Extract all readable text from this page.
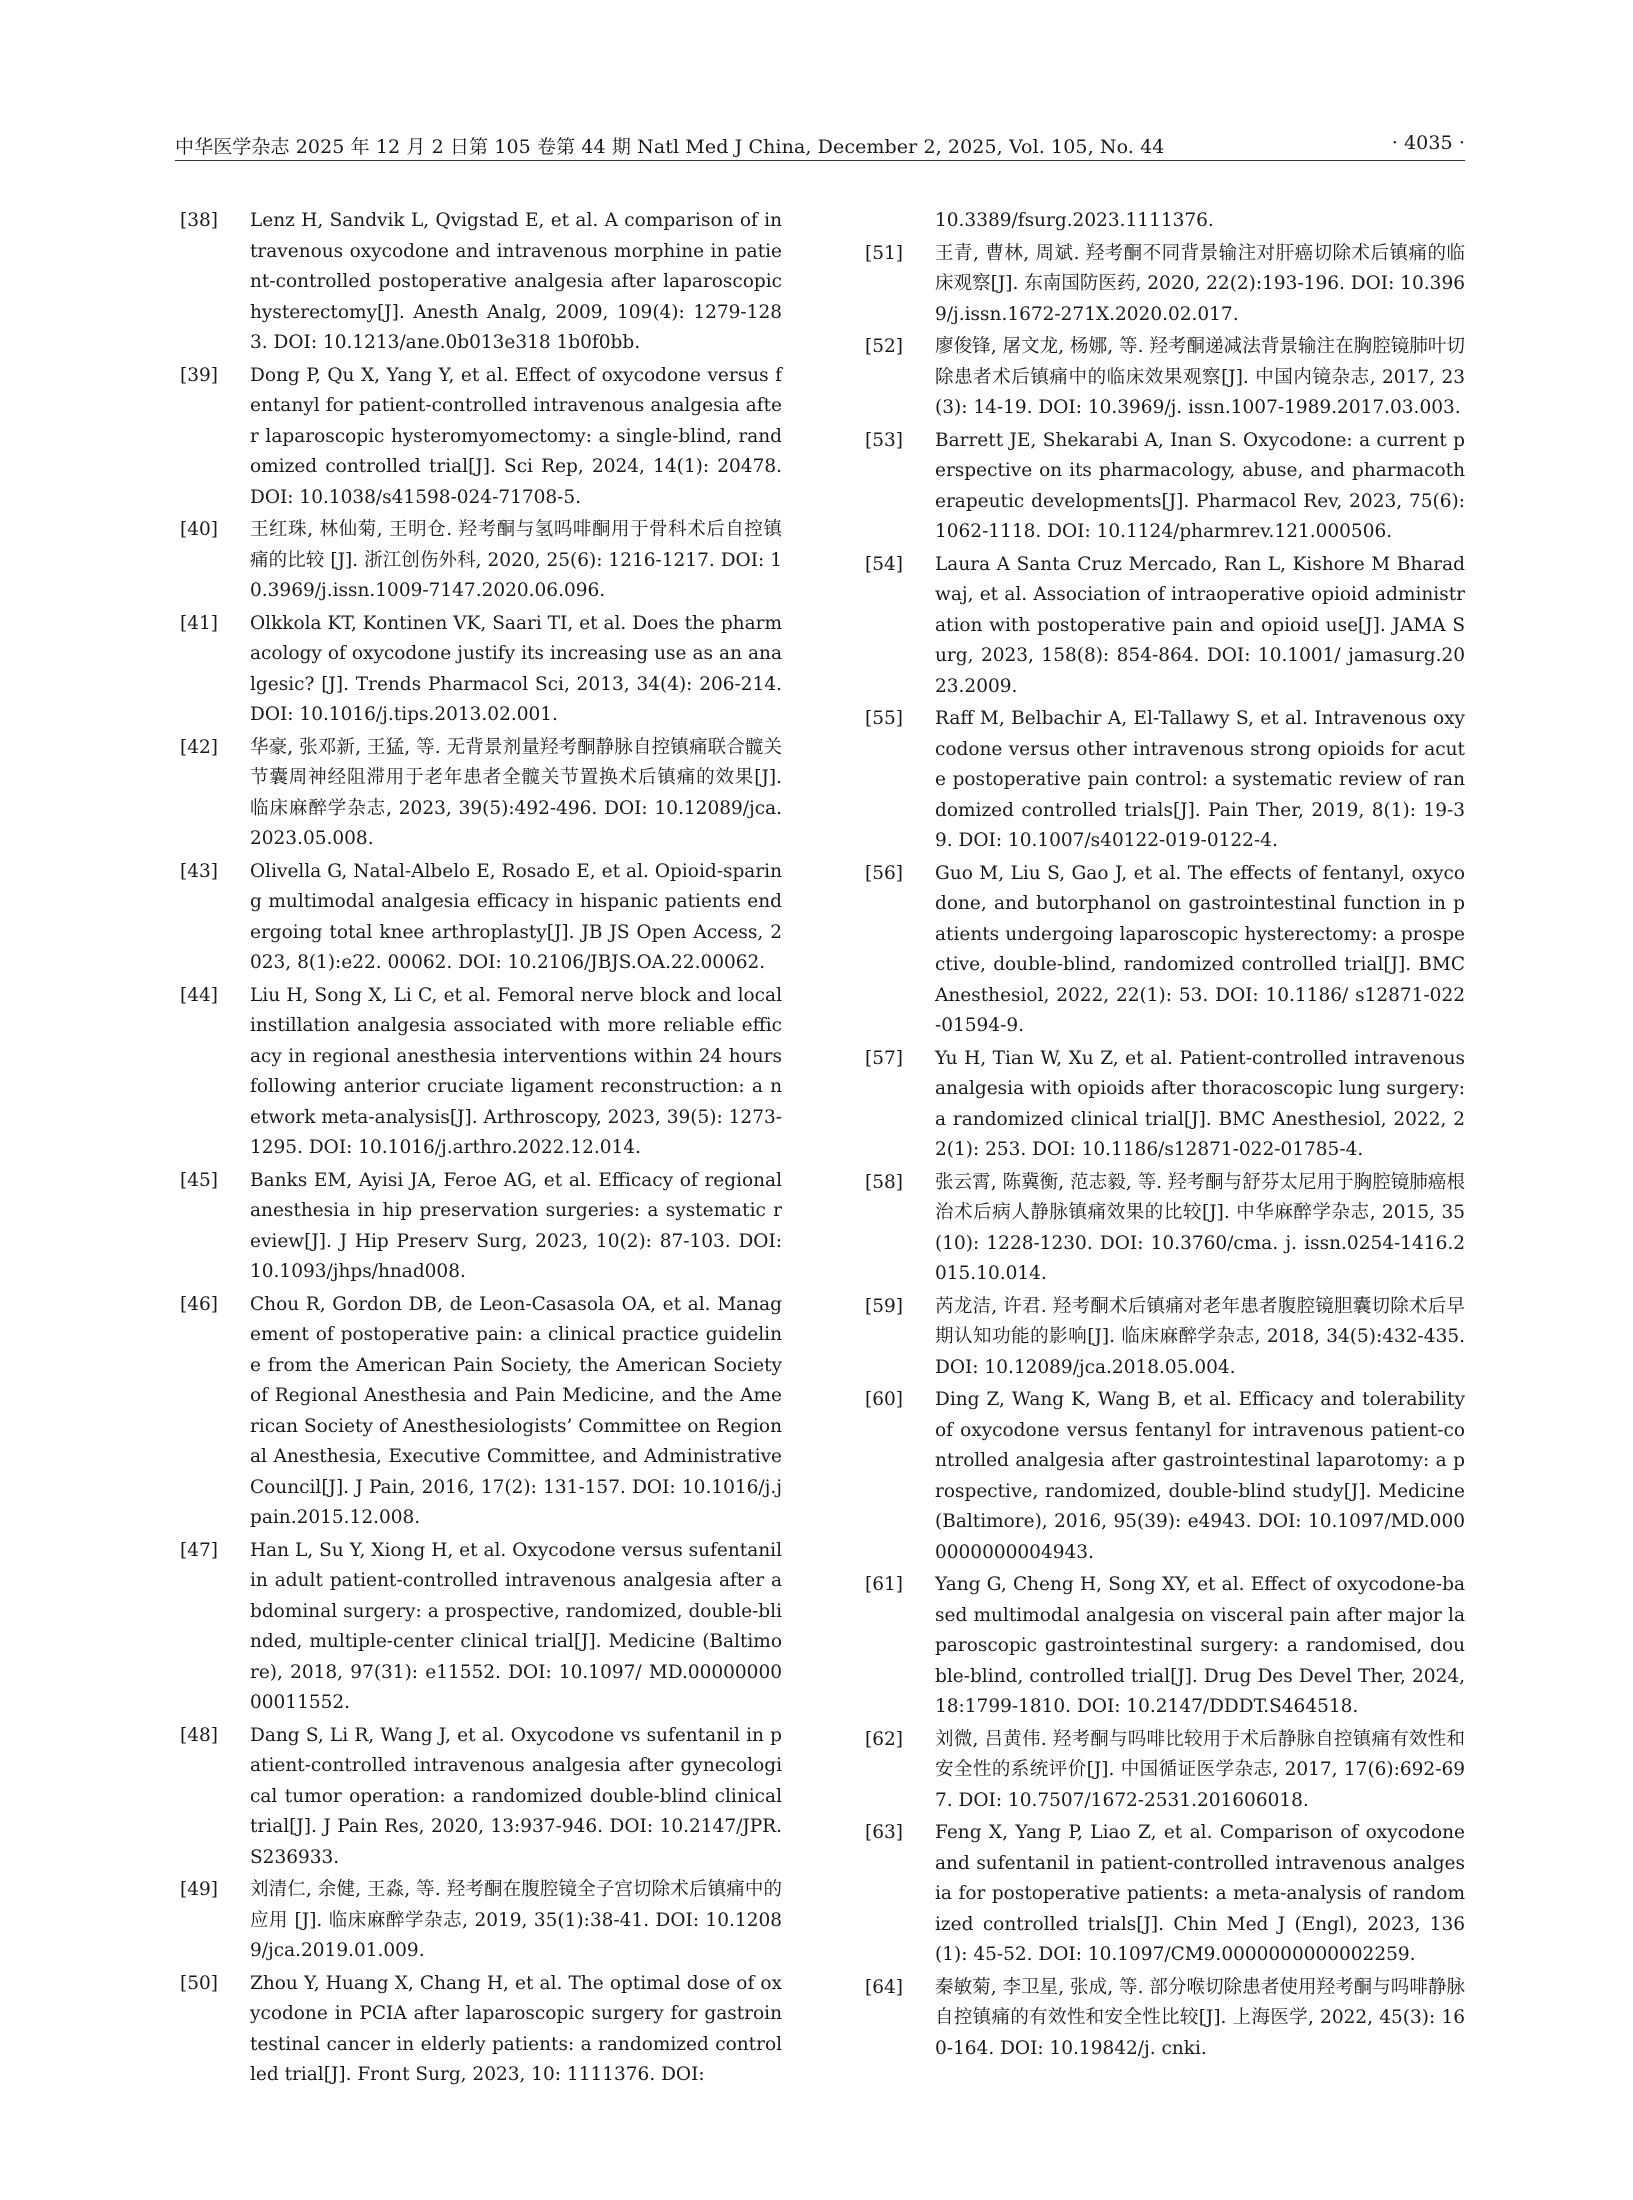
中华医学杂志 2025 年 12 月 2 日第 105 卷第 44 期 Natl Med J China, December 2, 2025, Vol. 105, No. 44	· 4035 ·
[38]	Lenz H, Sandvik L, Qvigstad E, et al. A comparison of intravenous oxycodone and intravenous morphine in patient-controlled postoperative analgesia after laparoscopic hysterectomy[J]. Anesth Analg, 2009, 109(4): 1279-1283. DOI: 10.1213/ane.0b013e318 1b0f0bb.
[39]	Dong P, Qu X, Yang Y, et al. Effect of oxycodone versus fentanyl for patient-controlled intravenous analgesia after laparoscopic hysteromyomectomy: a single-blind, randomized controlled trial[J]. Sci Rep, 2024, 14(1): 20478. DOI: 10.1038/s41598-024-71708-5.
[40]	王红珠, 林仙菊, 王明仓. 羟考酮与氢吗啡酮用于骨科术后自控镇痛的比较 [J]. 浙江创伤外科, 2020, 25(6): 1216-1217. DOI: 10.3969/j.issn.1009-7147.2020.06.096.
[41]	Olkkola KT, Kontinen VK, Saari TI, et al. Does the pharmacology of oxycodone justify its increasing use as an analgesic? [J]. Trends Pharmacol Sci, 2013, 34(4): 206-214. DOI: 10.1016/j.tips.2013.02.001.
[42]	华豪, 张邓新, 王猛, 等. 无背景剂量羟考酮静脉自控镇痛联合髋关节囊周神经阻滞用于老年患者全髋关节置换术后镇痛的效果[J]. 临床麻醉学杂志, 2023, 39(5):492-496. DOI: 10.12089/jca.2023.05.008.
[43]	Olivella G, Natal-Albelo E, Rosado E, et al. Opioid-sparing multimodal analgesia efficacy in hispanic patients endergoing total knee arthroplasty[J]. JB JS Open Access, 2023, 8(1):e22. 00062. DOI: 10.2106/JBJS.OA.22.00062.
[44]	Liu H, Song X, Li C, et al. Femoral nerve block and local instillation analgesia associated with more reliable efficacy in regional anesthesia interventions within 24 hours following anterior cruciate ligament reconstruction: a network meta-analysis[J]. Arthroscopy, 2023, 39(5): 1273-1295. DOI: 10.1016/j.arthro.2022.12.014.
[45]	Banks EM, Ayisi JA, Feroe AG, et al. Efficacy of regional anesthesia in hip preservation surgeries: a systematic review[J]. J Hip Preserv Surg, 2023, 10(2): 87-103. DOI: 10.1093/jhps/hnad008.
[46]	Chou R, Gordon DB, de Leon-Casasola OA, et al. Management of postoperative pain: a clinical practice guideline from the American Pain Society, the American Society of Regional Anesthesia and Pain Medicine, and the American Society of Anesthesiologists’ Committee on Regional Anesthesia, Executive Committee, and Administrative Council[J]. J Pain, 2016, 17(2): 131-157. DOI: 10.1016/j.jpain.2015.12.008.
[47]	Han L, Su Y, Xiong H, et al. Oxycodone versus sufentanil in adult patient-controlled intravenous analgesia after abdominal surgery: a prospective, randomized, double-blinded, multiple-center clinical trial[J]. Medicine (Baltimore), 2018, 97(31): e11552. DOI: 10.1097/ MD.0000000000011552.
[48]	Dang S, Li R, Wang J, et al. Oxycodone vs sufentanil in patient-controlled intravenous analgesia after gynecological tumor operation: a randomized double-blind clinical trial[J]. J Pain Res, 2020, 13:937-946. DOI: 10.2147/JPR.S236933.
[49]	刘清仁, 余健, 王淼, 等. 羟考酮在腹腔镜全子宫切除术后镇痛中的应用 [J]. 临床麻醉学杂志, 2019, 35(1):38-41. DOI: 10.12089/jca.2019.01.009.
[50]	Zhou Y, Huang X, Chang H, et al. The optimal dose of oxycodone in PCIA after laparoscopic surgery for gastrointestinal cancer in elderly patients: a randomized controlled trial[J]. Front Surg, 2023, 10: 1111376. DOI:
10.3389/fsurg.2023.1111376.
[51]	王青, 曹林, 周斌. 羟考酮不同背景输注对肝癌切除术后镇痛的临床观察[J]. 东南国防医药, 2020, 22(2):193-196. DOI: 10.3969/j.issn.1672-271X.2020.02.017.
[52]	廖俊锋, 屠文龙, 杨娜, 等. 羟考酮递减法背景输注在胸腔镜肺叶切除患者术后镇痛中的临床效果观察[J]. 中国内镜杂志, 2017, 23(3): 14-19. DOI: 10.3969/j. issn.1007-1989.2017.03.003.
[53]	Barrett JE, Shekarabi A, Inan S. Oxycodone: a current perspective on its pharmacology, abuse, and pharmacotherapeutic developments[J]. Pharmacol Rev, 2023, 75(6):1062-1118. DOI: 10.1124/pharmrev.121.000506.
[54]	Laura A Santa Cruz Mercado, Ran L, Kishore M Bharadwaj, et al. Association of intraoperative opioid administration with postoperative pain and opioid use[J]. JAMA Surg, 2023, 158(8): 854-864. DOI: 10.1001/ jamasurg.2023.2009.
[55]	Raff M, Belbachir A, El-Tallawy S, et al. Intravenous oxycodone versus other intravenous strong opioids for acute postoperative pain control: a systematic review of randomized controlled trials[J]. Pain Ther, 2019, 8(1): 19-39. DOI: 10.1007/s40122-019-0122-4.
[56]	Guo M, Liu S, Gao J, et al. The effects of fentanyl, oxycodone, and butorphanol on gastrointestinal function in patients undergoing laparoscopic hysterectomy: a prospective, double-blind, randomized controlled trial[J]. BMC Anesthesiol, 2022, 22(1): 53. DOI: 10.1186/ s12871-022-01594-9.
[57]	Yu H, Tian W, Xu Z, et al. Patient-controlled intravenous analgesia with opioids after thoracoscopic lung surgery: a randomized clinical trial[J]. BMC Anesthesiol, 2022, 22(1): 253. DOI: 10.1186/s12871-022-01785-4.
[58]	张云霄, 陈冀衡, 范志毅, 等. 羟考酮与舒芬太尼用于胸腔镜肺癌根治术后病人静脉镇痛效果的比较[J]. 中华麻醉学杂志, 2015, 35(10): 1228-1230. DOI: 10.3760/cma. j. issn.0254-1416.2015.10.014.
[59]	芮龙洁, 许君. 羟考酮术后镇痛对老年患者腹腔镜胆囊切除术后早期认知功能的影响[J]. 临床麻醉学杂志, 2018, 34(5):432-435. DOI: 10.12089/jca.2018.05.004.
[60]	Ding Z, Wang K, Wang B, et al. Efficacy and tolerability of oxycodone versus fentanyl for intravenous patient-controlled analgesia after gastrointestinal laparotomy: a prospective, randomized, double-blind study[J]. Medicine (Baltimore), 2016, 95(39): e4943. DOI: 10.1097/MD.0000000000004943.
[61]	Yang G, Cheng H, Song XY, et al. Effect of oxycodone-based multimodal analgesia on visceral pain after major laparoscopic gastrointestinal surgery: a randomised, double-blind, controlled trial[J]. Drug Des Devel Ther, 2024, 18:1799-1810. DOI: 10.2147/DDDT.S464518.
[62]	刘微, 吕黄伟. 羟考酮与吗啡比较用于术后静脉自控镇痛有效性和安全性的系统评价[J]. 中国循证医学杂志, 2017, 17(6):692-697. DOI: 10.7507/1672-2531.201606018.
[63]	Feng X, Yang P, Liao Z, et al. Comparison of oxycodone and sufentanil in patient-controlled intravenous analgesia for postoperative patients: a meta-analysis of randomized controlled trials[J]. Chin Med J (Engl), 2023, 136(1): 45-52. DOI: 10.1097/CM9.0000000000002259.
[64]	秦敏菊, 李卫星, 张成, 等. 部分喉切除患者使用羟考酮与吗啡静脉自控镇痛的有效性和安全性比较[J]. 上海医学, 2022, 45(3): 160-164. DOI: 10.19842/j. cnki.
